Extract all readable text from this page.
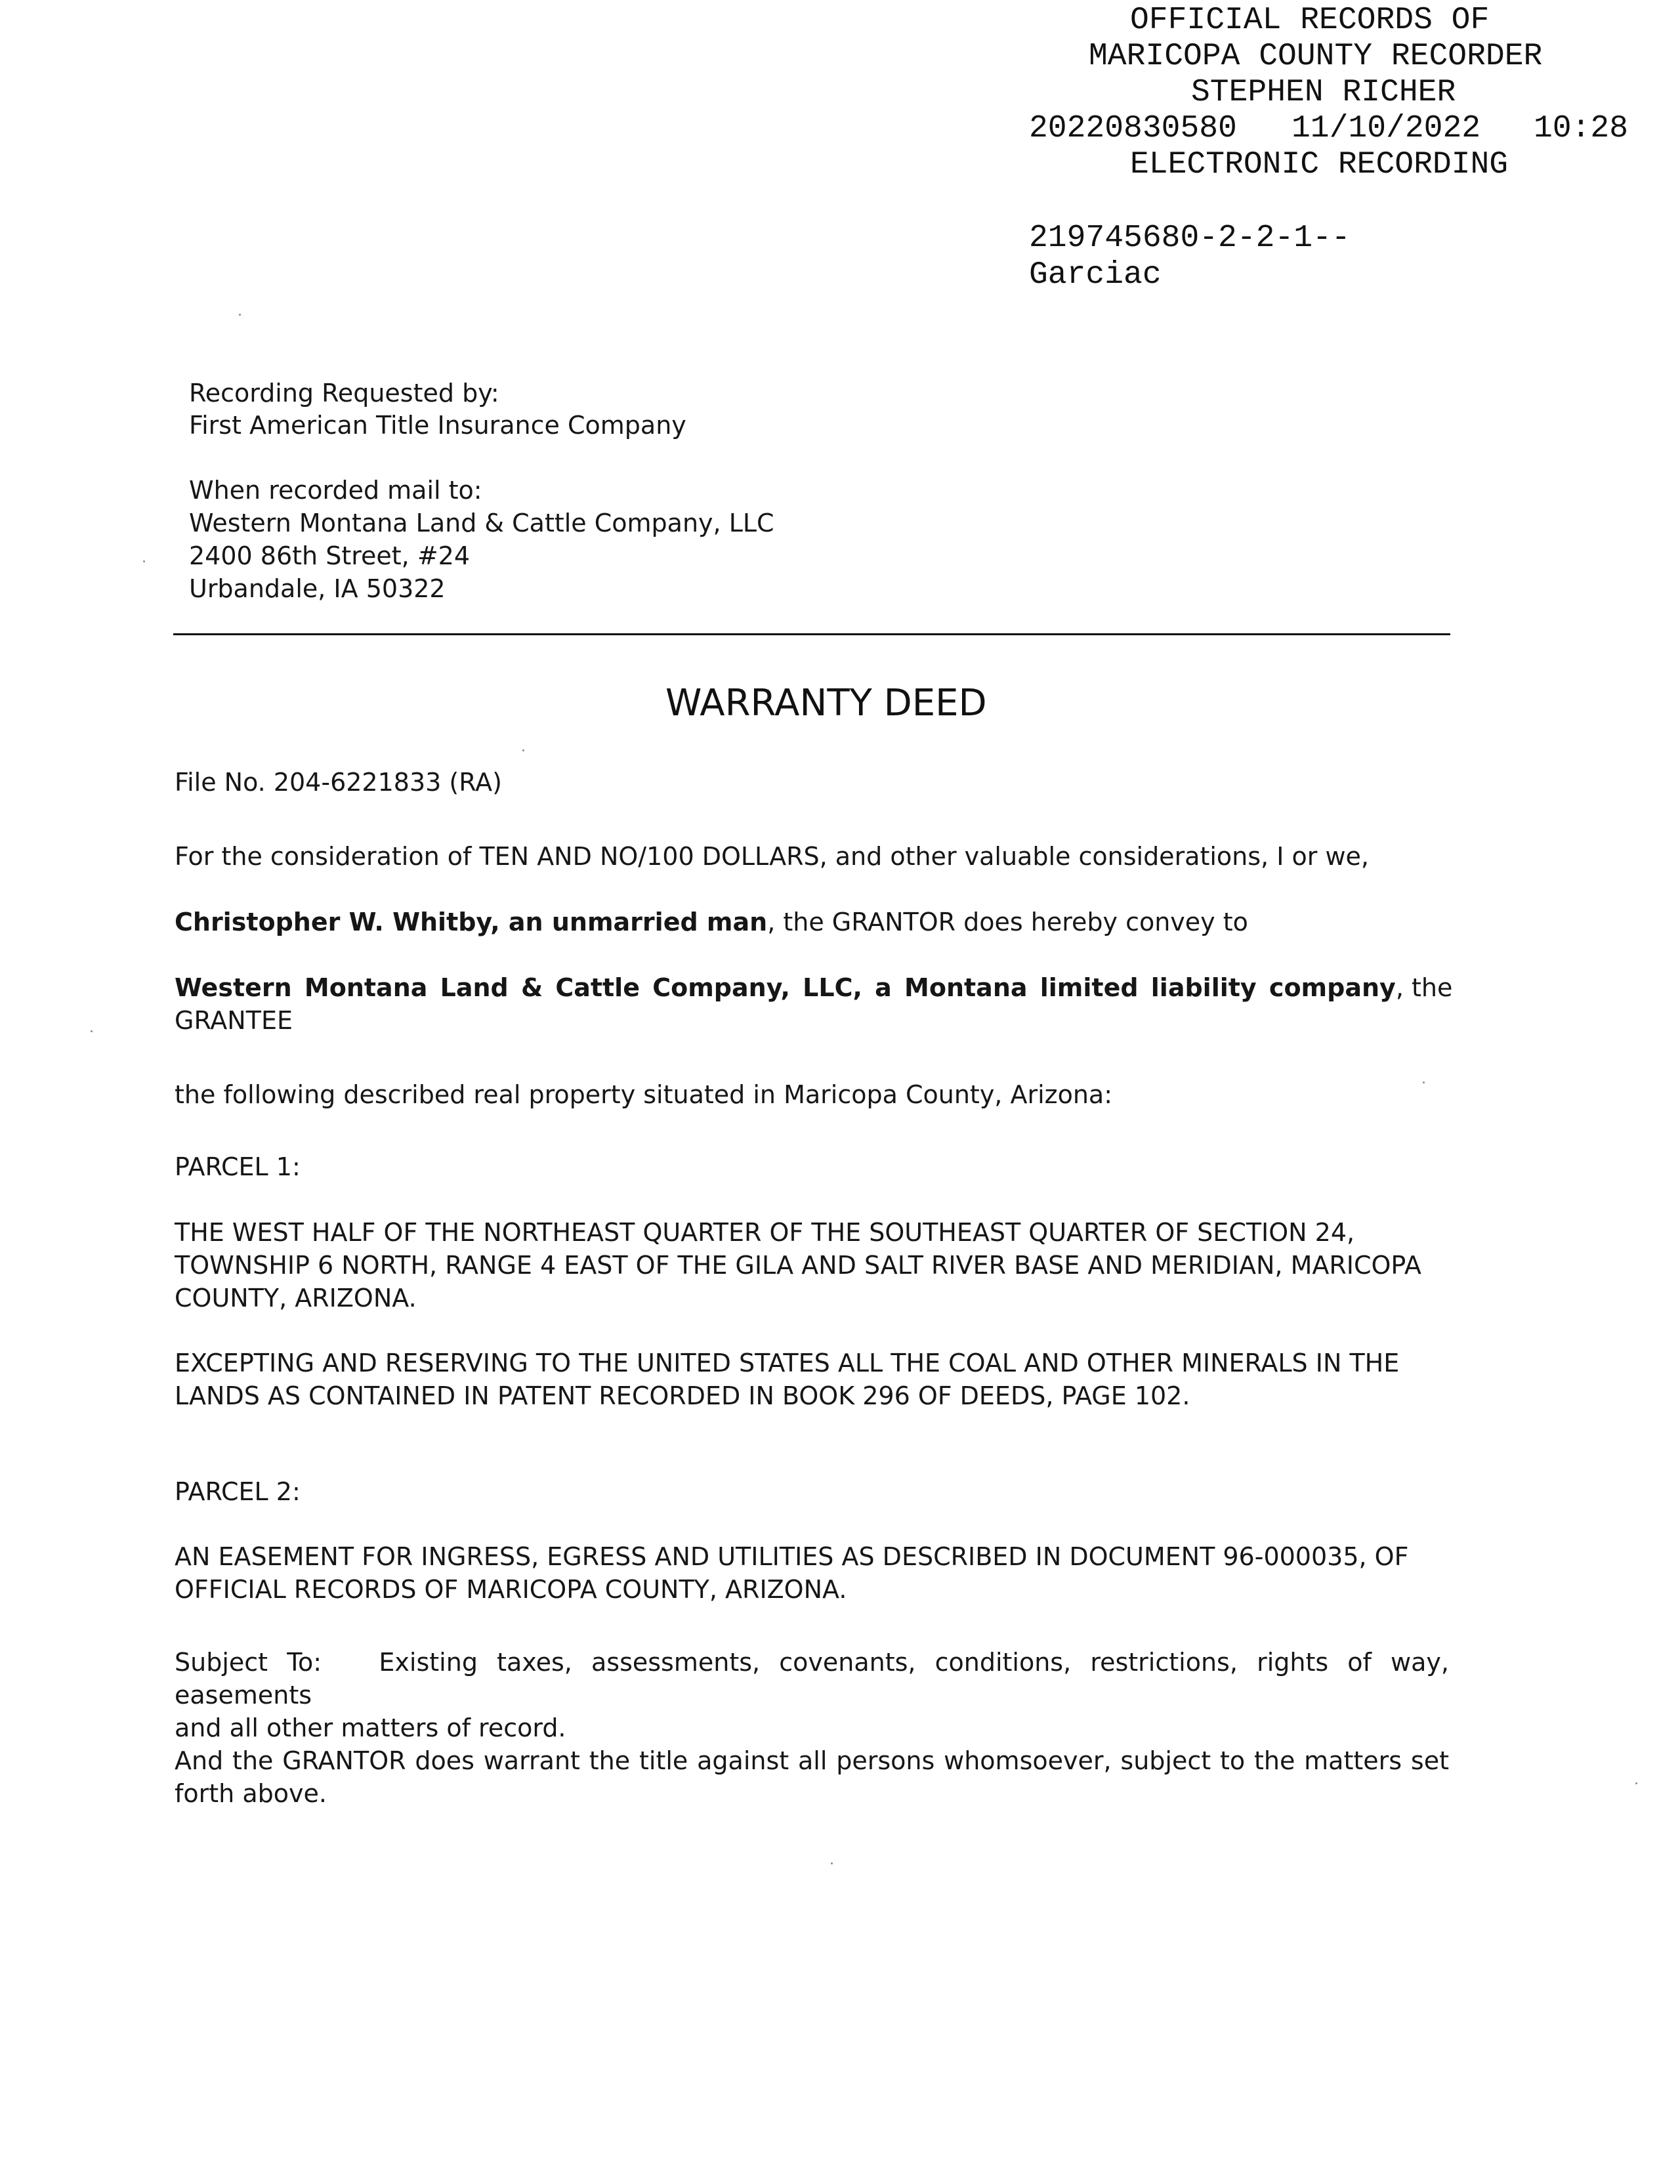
OFFICIAL RECORDS OF

MARICOPA COUNTY RECORDER

STEPHEN RICHER

20220830580

11/10/2022

10:28

ELECTRONIC RECORDING

219745680-2-2-1--

Garciac

Recording Requested by:
First American Title Insurance Company
When recorded mail to:
Western Montana Land & Cattle Company, LLC
2400 86th Street, #24
Urbandale, IA 50322
WARRANTY DEED
File No. 204-6221833 (RA)
For the consideration of TEN AND NO/100 DOLLARS, and other valuable considerations, I or we,
Christopher W. Whitby, an unmarried man, the GRANTOR does hereby convey to
Western Montana Land & Cattle Company, LLC, a Montana limited liability company , the
GRANTEE
the following described real property situated in Maricopa County, Arizona:
PARCEL 1:
THE WEST HALF OF THE NORTHEAST QUARTER OF THE SOUTHEAST QUARTER OF SECTION 24,
TOWNSHIP 6 NORTH, RANGE 4 EAST OF THE GILA AND SALT RIVER BASE AND MERIDIAN, MARICOPA
COUNTY, ARIZONA.
EXCEPTING AND RESERVING TO THE UNITED STATES ALL THE COAL AND OTHER MINERALS IN THE
LANDS AS CONTAINED IN PATENT RECORDED IN BOOK 296 OF DEEDS, PAGE 102.
PARCEL 2:
AN EASEMENT FOR INGRESS, EGRESS AND UTILITIES AS DESCRIBED IN DOCUMENT 96-000035, OF
OFFICIAL RECORDS OF MARICOPA COUNTY, ARIZONA.
Subject To:   Existing taxes, assessments, covenants, conditions, restrictions, rights of way, easements
and all other matters of record.
And the GRANTOR does warrant the title against all persons whomsoever, subject to the matters set
forth above.
